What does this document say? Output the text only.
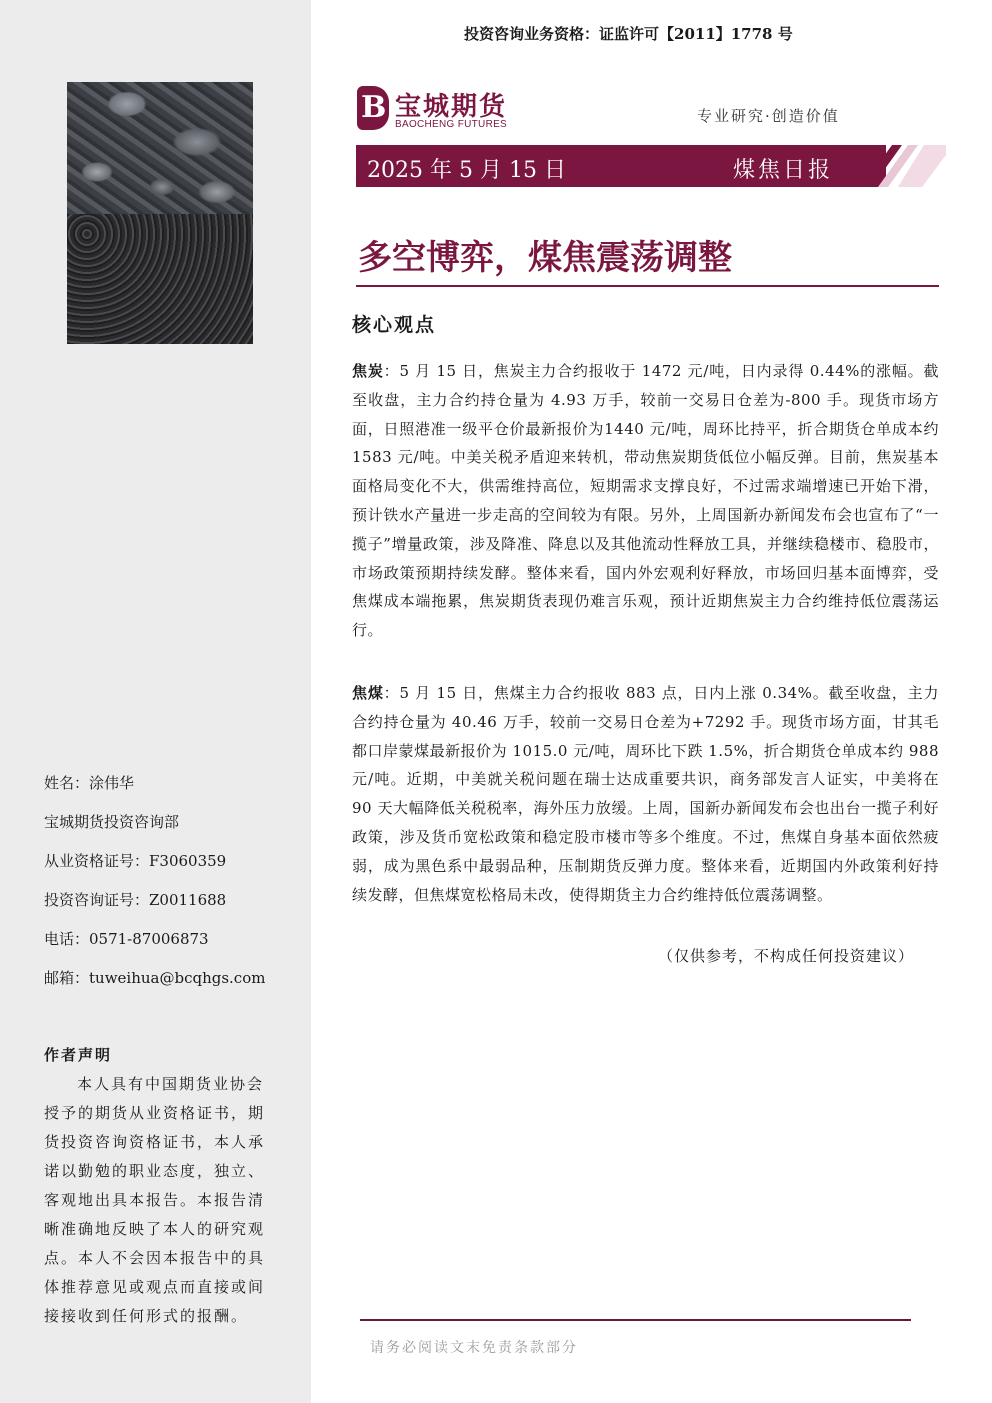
姓名：涂伟华
宝城期货投资咨询部
从业资格证号：F3060359
投资咨询证号：Z0011688
电话：0571-87006873
邮箱：tuweihua@bcqhgs.com
作者声明
本人具有中国期货业协会授予的期货从业资格证书，期货投资咨询资格证书，本人承诺以勤勉的职业态度，独立、客观地出具本报告。本报告清晰准确地反映了本人的研究观点。本人不会因本报告中的具体推荐意见或观点而直接或间接接收到任何形式的报酬。
投资咨询业务资格：证监许可【2011】1778 号
B 宝城期货
BAOCHENG FUTURES	专业研究·创造价值
2025 年 5 月 15 日	煤焦日报
多空博弈，煤焦震荡调整
核心观点
焦炭：5 月 15 日，焦炭主力合约报收于 1472 元/吨，日内录得 0.44%的涨幅。截至收盘，主力合约持仓量为 4.93 万手，较前一交易日仓差为-800 手。现货市场方面，日照港准一级平仓价最新报价为1440 元/吨，周环比持平，折合期货仓单成本约 1583 元/吨。中美关税矛盾迎来转机，带动焦炭期货低位小幅反弹。目前，焦炭基本面格局变化不大，供需维持高位，短期需求支撑良好，不过需求端增速已开始下滑，预计铁水产量进一步走高的空间较为有限。另外，上周国新办新闻发布会也宣布了“一揽子”增量政策，涉及降准、降息以及其他流动性释放工具，并继续稳楼市、稳股市，市场政策预期持续发酵。整体来看，国内外宏观利好释放，市场回归基本面博弈，受焦煤成本端拖累，焦炭期货表现仍难言乐观，预计近期焦炭主力合约维持低位震荡运行。
焦煤：5 月 15 日，焦煤主力合约报收 883 点，日内上涨 0.34%。截至收盘，主力合约持仓量为 40.46 万手，较前一交易日仓差为+7292 手。现货市场方面，甘其毛都口岸蒙煤最新报价为 1015.0 元/吨，周环比下跌 1.5%，折合期货仓单成本约 988 元/吨。近期，中美就关税问题在瑞士达成重要共识，商务部发言人证实，中美将在 90 天大幅降低关税税率，海外压力放缓。上周，国新办新闻发布会也出台一揽子利好政策，涉及货币宽松政策和稳定股市楼市等多个维度。不过，焦煤自身基本面依然疲弱，成为黑色系中最弱品种，压制期货反弹力度。整体来看，近期国内外政策利好持续发酵，但焦煤宽松格局未改，使得期货主力合约维持低位震荡调整。
（仅供参考，不构成任何投资建议）
请务必阅读文末免责条款部分
